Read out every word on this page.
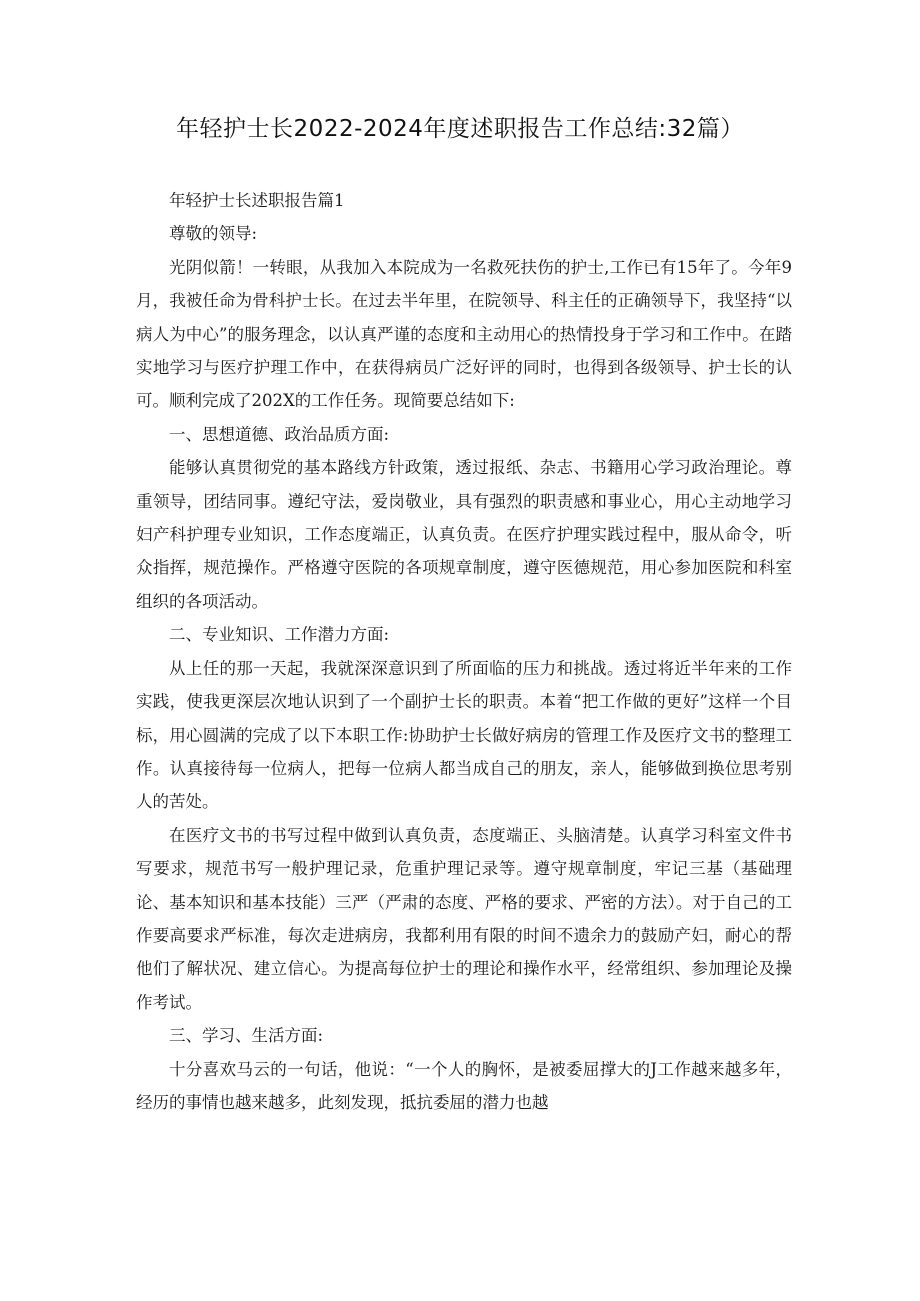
年轻护士长2022-2024年度述职报告工作总结:32篇）

年轻护士长述职报告篇1

尊敬的领导:

光阴似箭！一转眼，从我加入本院成为一名救死扶伤的护士,工作已有15年了。今年9月，我被任命为骨科护士长。在过去半年里，在院领导、科主任的正确领导下，我坚持“以病人为中心”的服务理念，以认真严谨的态度和主动用心的热情投身于学习和工作中。在踏实地学习与医疗护理工作中，在获得病员广泛好评的同时，也得到各级领导、护士长的认可。顺利完成了202X的工作任务。现简要总结如下:

一、思想道德、政治品质方面:

能够认真贯彻党的基本路线方针政策，透过报纸、杂志、书籍用心学习政治理论。尊重领导，团结同事。遵纪守法，爱岗敬业，具有强烈的职责感和事业心，用心主动地学习妇产科护理专业知识，工作态度端正，认真负责。在医疗护理实践过程中，服从命令，听众指挥，规范操作。严格遵守医院的各项规章制度，遵守医德规范，用心参加医院和科室组织的各项活动。

二、专业知识、工作潜力方面:

从上任的那一天起，我就深深意识到了所面临的压力和挑战。透过将近半年来的工作实践，使我更深层次地认识到了一个副护士长的职责。本着“把工作做的更好”这样一个目标，用心圆满的完成了以下本职工作:协助护士长做好病房的管理工作及医疗文书的整理工作。认真接待每一位病人，把每一位病人都当成自己的朋友，亲人，能够做到换位思考别人的苦处。

在医疗文书的书写过程中做到认真负责，态度端正、头脑清楚。认真学习科室文件书写要求，规范书写一般护理记录，危重护理记录等。遵守规章制度，牢记三基（基础理论、基本知识和基本技能）三严（严肃的态度、严格的要求、严密的方法）。对于自己的工作要高要求严标准，每次走进病房，我都利用有限的时间不遗余力的鼓励产妇，耐心的帮他们了解状况、建立信心。为提高每位护士的理论和操作水平，经常组织、参加理论及操作考试。

三、学习、生活方面:

十分喜欢马云的一句话，他说：“一个人的胸怀，是被委屈撑大的J工作越来越多年，经历的事情也越来越多，此刻发现，抵抗委屈的潜力也越
